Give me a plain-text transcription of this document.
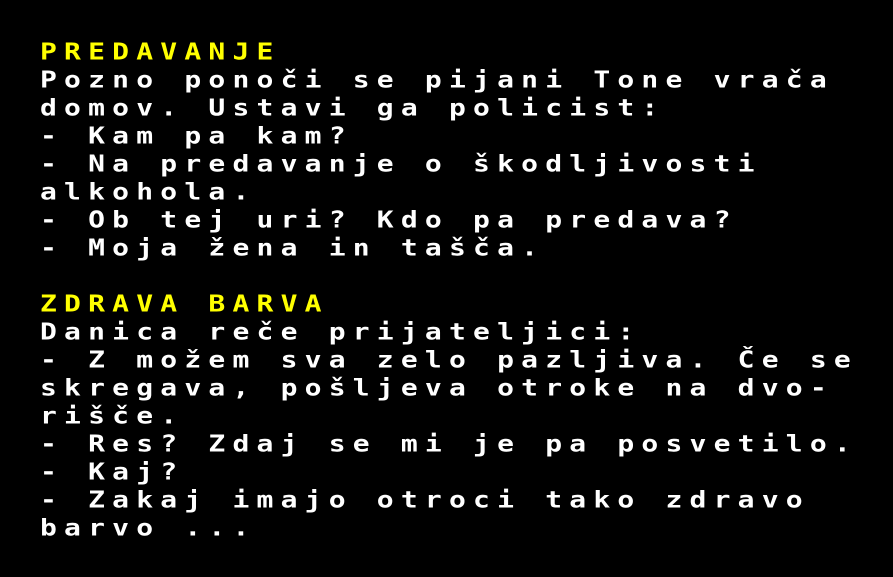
PREDAVANJE
Pozno ponoči se pijani Tone vrača
domov. Ustavi ga policist:
- Kam pa kam?
- Na predavanje o škodljivosti
alkohola.
- Ob tej uri? Kdo pa predava?
- Moja žena in tašča.
ZDRAVA BARVA
Danica reče prijateljici:
- Z možem sva zelo pazljiva. Če se
skregava, pošljeva otroke na dvo-
rišče.
- Res? Zdaj se mi je pa posvetilo.
- Kaj?
- Zakaj imajo otroci tako zdravo
barvo ...
